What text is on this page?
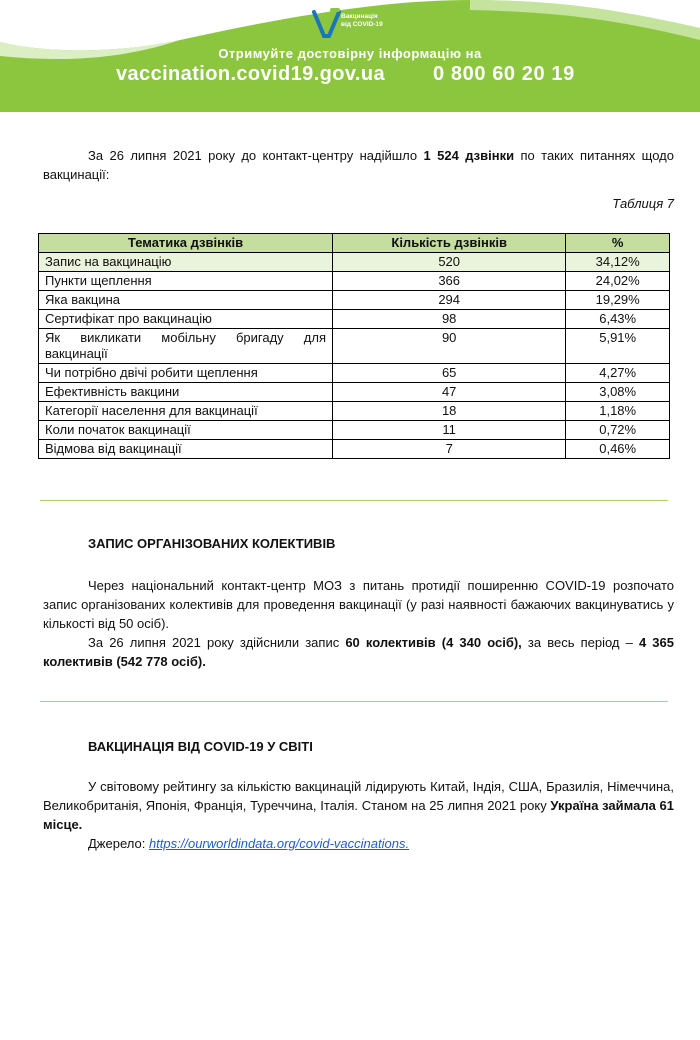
Вакцинація
від COVID-19
Отримуйте достовірну інформацію на
vaccination.covid19.gov.ua 0 800 60 20 19

За 26 липня 2021 року до контакт-центру надійшло 1 524 дзвінки по таких питаннях щодо вакцинації:

Таблиця 7
Тематика дзвінків	Кількість дзвінків	%
Запис на вакцинацію	520	34,12%
Пункти щеплення	366	24,02%
Яка вакцина	294	19,29%
Сертифікат про вакцинацію	98	6,43%
Як викликати мобільну бригаду для вакцинації	90	5,91%
Чи потрібно двічі робити щеплення	65	4,27%
Ефективність вакцини	47	3,08%
Категорії населення для вакцинації	18	1,18%
Коли початок вакцинації	11	0,72%
Відмова від вакцинації	7	0,46%
ЗАПИС ОРГАНІЗОВАНИХ КОЛЕКТИВІВ

Через національний контакт-центр МОЗ з питань протидії поширенню COVID-19 розпочато запис організованих колективів для проведення вакцинації (у разі наявності бажаючих вакцинуватись у кількості від 50 осіб).

За 26 липня 2021 року здійснили запис 60 колективів (4 340 осіб), за весь період – 4 365 колективів (542 778 осіб).

ВАКЦИНАЦІЯ ВІД COVID-19 У СВІТІ

У світовому рейтингу за кількістю вакцинацій лідирують Китай, Індія, США, Бразилія, Німеччина, Великобританія, Японія, Франція, Туреччина, Італія. Станом на 25 липня 2021 року Україна займала 61 місце.

Джерело: https://ourworldindata.org/covid-vaccinations.
